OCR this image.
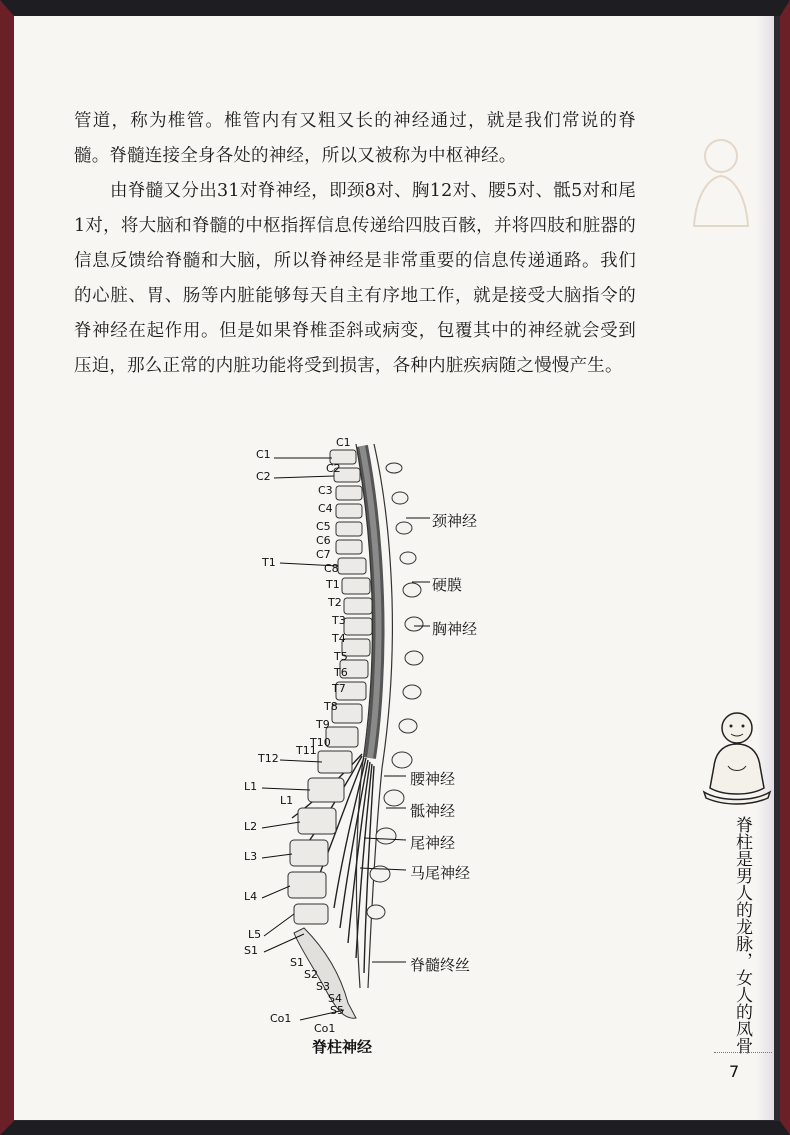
管道，称为椎管。椎管内有又粗又长的神经通过，就是我们常说的脊髓。脊髓连接全身各处的神经，所以又被称为中枢神经。

由脊髓又分出31对脊神经，即颈8对、胸12对、腰5对、骶5对和尾1对，将大脑和脊髓的中枢指挥信息传递给四肢百骸，并将四肢和脏器的信息反馈给脊髓和大脑，所以脊神经是非常重要的信息传递通路。我们的心脏、胃、肠等内脏能够每天自主有序地工作，就是接受大脑指令的脊神经在起作用。但是如果脊椎歪斜或病变，包覆其中的神经就会受到压迫，那么正常的内脏功能将受到损害，各种内脏疾病随之慢慢产生。

C1
C2
T1
T12
L1
L2
L3
L4
L5
S1
Co1
C1
C2
C3
C4
C5
C6
C7
C8
T1
T2
T3
T4
T5
T6
T7
T8
T9
T10
T11
L1
S1
S2
S3
S4
S5
Co1
颈神经
硬膜
胸神经
腰神经
骶神经
尾神经
马尾神经
脊髓终丝
脊柱神经	脊柱是男人的龙脉，女人的凤骨
7
